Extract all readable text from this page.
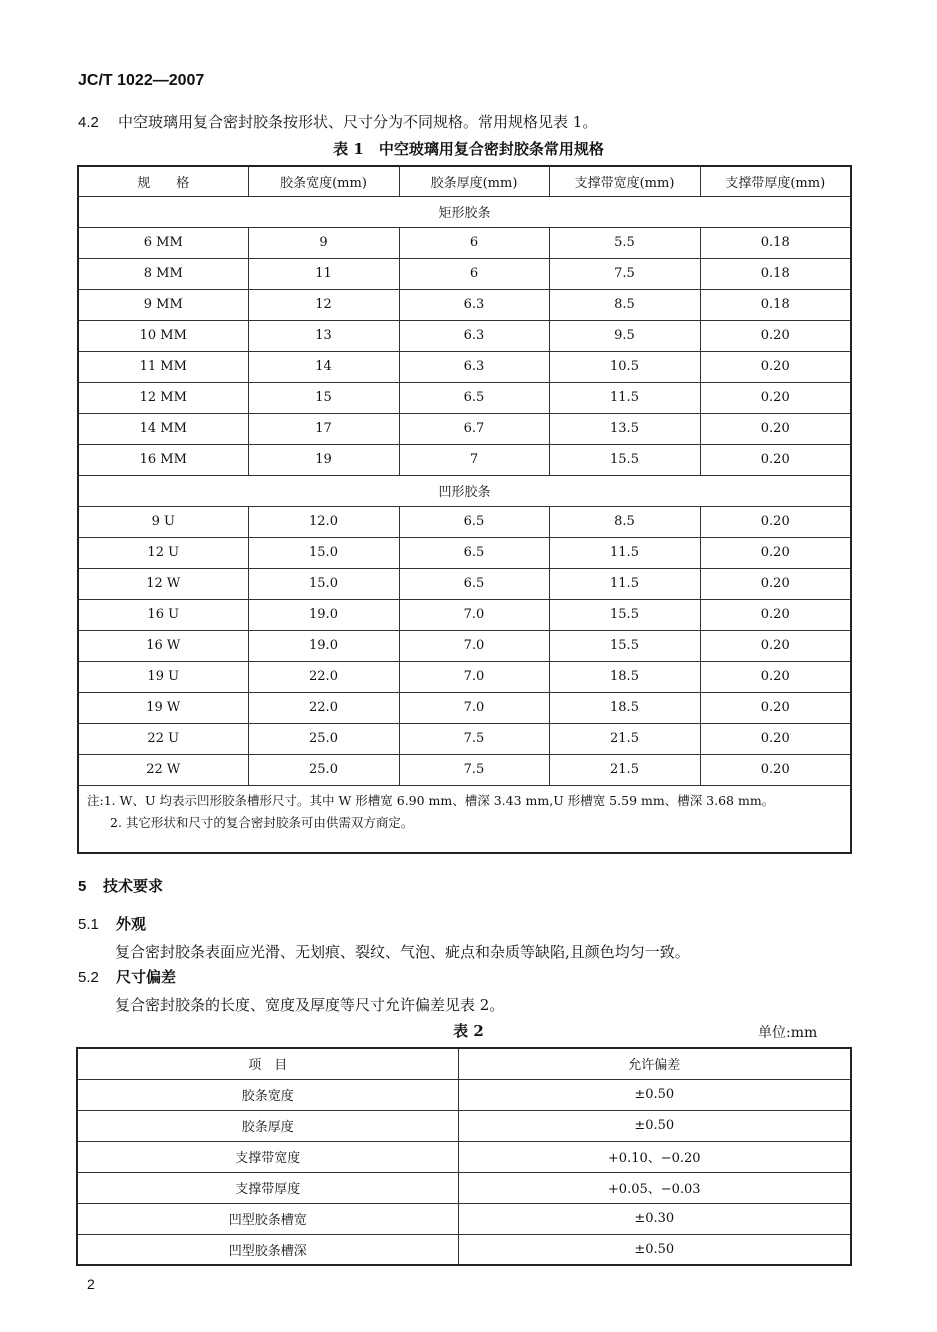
JC/T 1022—2007
4.2 中空玻璃用复合密封胶条按形状、尺寸分为不同规格。常用规格见表 1。
表 1　中空玻璃用复合密封胶条常用规格
规　　格	胶条宽度(mm)	胶条厚度(mm)	支撑带宽度(mm)	支撑带厚度(mm)
矩形胶条				
6 MM	9	6	5.5	0.18
8 MM	11	6	7.5	0.18
9 MM	12	6.3	8.5	0.18
10 MM	13	6.3	9.5	0.20
11 MM	14	6.3	10.5	0.20
12 MM	15	6.5	11.5	0.20
14 MM	17	6.7	13.5	0.20
16 MM	19	7	15.5	0.20
凹形胶条				
9 U	12.0	6.5	8.5	0.20
12 U	15.0	6.5	11.5	0.20
12 W	15.0	6.5	11.5	0.20
16 U	19.0	7.0	15.5	0.20
16 W	19.0	7.0	15.5	0.20
19 U	22.0	7.0	18.5	0.20
19 W	22.0	7.0	18.5	0.20
22 U	25.0	7.5	21.5	0.20
22 W	25.0	7.5	21.5	0.20

注:1. W、U 均表示凹形胶条槽形尺寸。其中 W 形槽宽 6.90 mm、槽深 3.43 mm,U 形槽宽 5.59 mm、槽深 3.68 mm。
2. 其它形状和尺寸的复合密封胶条可由供需双方商定。				
5 技术要求
5.1 外观
复合密封胶条表面应光滑、无划痕、裂纹、气泡、疵点和杂质等缺陷,且颜色均匀一致。
5.2 尺寸偏差
复合密封胶条的长度、宽度及厚度等尺寸允许偏差见表 2。
表 2	单位:mm
项　目	允许偏差
胶条宽度	±0.50
胶条厚度	±0.50
支撑带宽度	+0.10、−0.20
支撑带厚度	+0.05、−0.03
凹型胶条槽宽	±0.30
凹型胶条槽深	±0.50
2
